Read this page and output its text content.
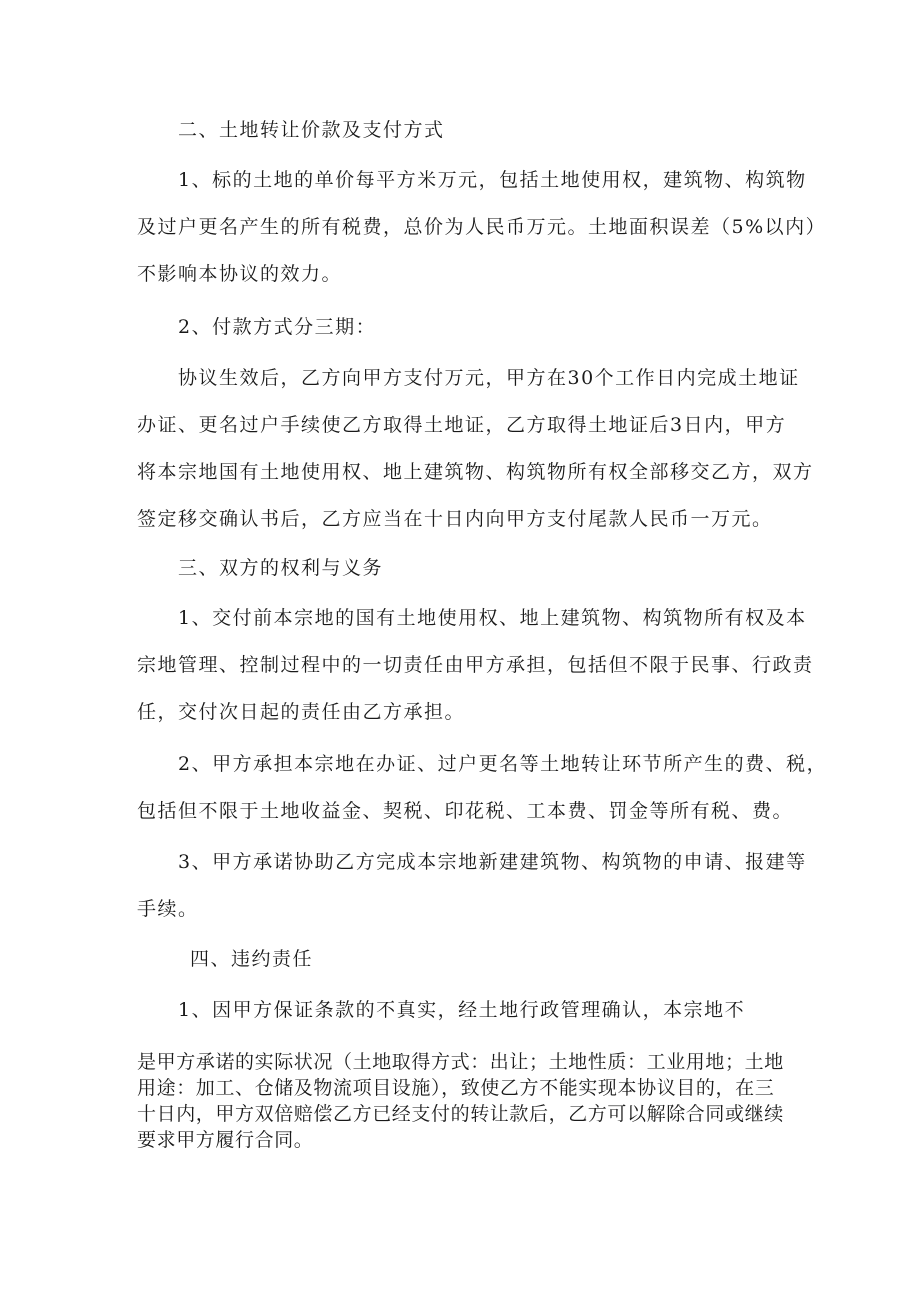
二、土地转让价款及支付方式
1、标的土地的单价每平方米万元，包括土地使用权，建筑物、构筑物
及过户更名产生的所有税费，总价为人民币万元。土地面积误差（5%以内）
不影响本协议的效力。
2、付款方式分三期：
协议生效后，乙方向甲方支付万元，甲方在30个工作日内完成土地证
办证、更名过户手续使乙方取得土地证，乙方取得土地证后3日内，甲方
将本宗地国有土地使用权、地上建筑物、构筑物所有权全部移交乙方，双方
签定移交确认书后，乙方应当在十日内向甲方支付尾款人民币一万元。
三、双方的权利与义务
1、交付前本宗地的国有土地使用权、地上建筑物、构筑物所有权及本
宗地管理、控制过程中的一切责任由甲方承担，包括但不限于民事、行政责
任，交付次日起的责任由乙方承担。
2、甲方承担本宗地在办证、过户更名等土地转让环节所产生的费、税，
包括但不限于土地收益金、契税、印花税、工本费、罚金等所有税、费。
3、甲方承诺协助乙方完成本宗地新建建筑物、构筑物的申请、报建等
手续。
四、违约责任
1、因甲方保证条款的不真实，经土地行政管理确认，本宗地不
是甲方承诺的实际状况（土地取得方式：出让；土地性质：工业用地；土地
用途：加工、仓储及物流项目设施），致使乙方不能实现本协议目的，在三
十日内，甲方双倍赔偿乙方已经支付的转让款后，乙方可以解除合同或继续
要求甲方履行合同。
